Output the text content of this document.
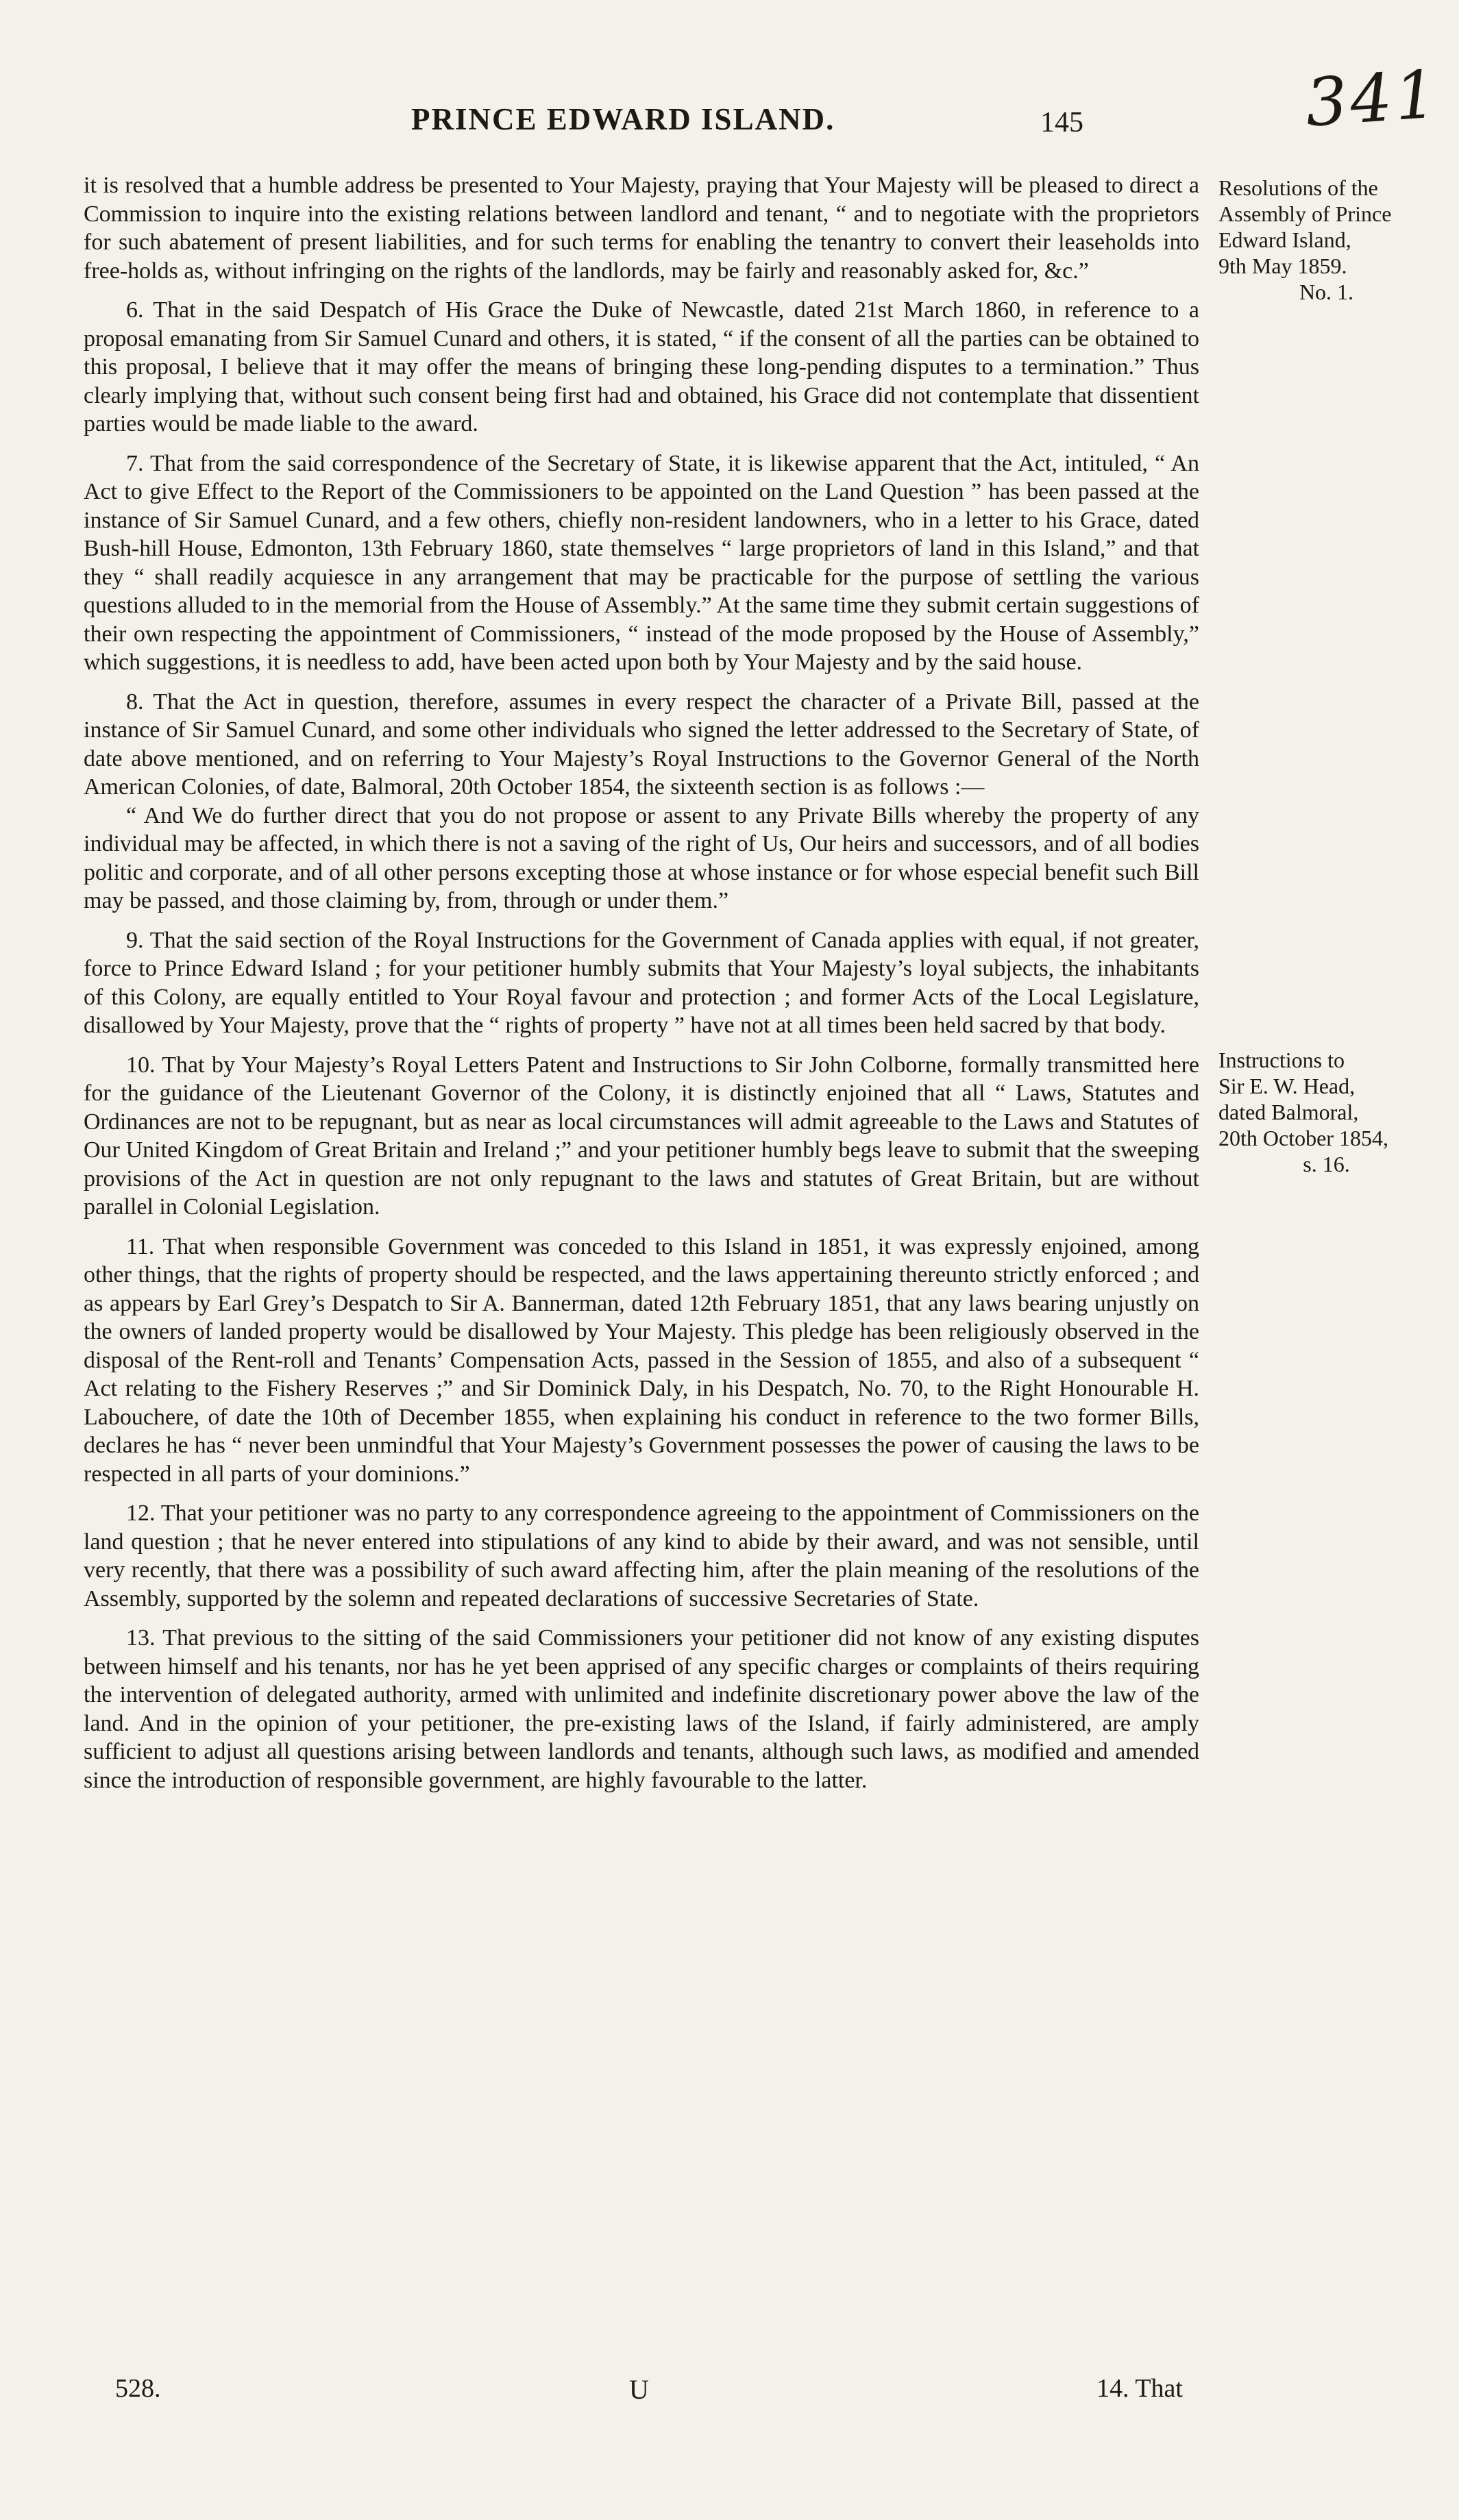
PRINCE EDWARD ISLAND.	145	341

it is resolved that a humble address be presented to Your Majesty, praying that Your Majesty will be pleased to direct a Commission to inquire into the existing relations between landlord and tenant, “ and to negotiate with the proprietors for such abatement of present liabilities, and for such terms for enabling the tenantry to convert their leaseholds into free-holds as, without infringing on the rights of the landlords, may be fairly and reasonably asked for, &c.”

6. That in the said Despatch of His Grace the Duke of Newcastle, dated 21st March 1860, in reference to a proposal emanating from Sir Samuel Cunard and others, it is stated, “ if the consent of all the parties can be obtained to this proposal, I believe that it may offer the means of bringing these long-pending disputes to a termination.” Thus clearly implying that, without such consent being first had and obtained, his Grace did not contemplate that dissentient parties would be made liable to the award.

7. That from the said correspondence of the Secretary of State, it is likewise apparent that the Act, intituled, “ An Act to give Effect to the Report of the Commissioners to be appointed on the Land Question ” has been passed at the instance of Sir Samuel Cunard, and a few others, chiefly non-resident landowners, who in a letter to his Grace, dated Bush-hill House, Edmonton, 13th February 1860, state themselves “ large proprietors of land in this Island,” and that they “ shall readily acquiesce in any arrangement that may be practicable for the purpose of settling the various questions alluded to in the memorial from the House of Assembly.” At the same time they submit certain suggestions of their own respecting the appointment of Commissioners, “ instead of the mode proposed by the House of Assembly,” which suggestions, it is needless to add, have been acted upon both by Your Majesty and by the said house.

8. That the Act in question, therefore, assumes in every respect the character of a Private Bill, passed at the instance of Sir Samuel Cunard, and some other individuals who signed the letter addressed to the Secretary of State, of date above mentioned, and on referring to Your Majesty’s Royal Instructions to the Governor General of the North American Colonies, of date, Balmoral, 20th October 1854, the sixteenth section is as follows :—

“ And We do further direct that you do not propose or assent to any Private Bills whereby the property of any individual may be affected, in which there is not a saving of the right of Us, Our heirs and successors, and of all bodies politic and corporate, and of all other persons excepting those at whose instance or for whose especial benefit such Bill may be passed, and those claiming by, from, through or under them.”

9. That the said section of the Royal Instructions for the Government of Canada applies with equal, if not greater, force to Prince Edward Island ; for your petitioner humbly submits that Your Majesty’s loyal subjects, the inhabitants of this Colony, are equally entitled to Your Royal favour and protection ; and former Acts of the Local Legislature, disallowed by Your Majesty, prove that the “ rights of property ” have not at all times been held sacred by that body.

10. That by Your Majesty’s Royal Letters Patent and Instructions to Sir John Colborne, formally transmitted here for the guidance of the Lieutenant Governor of the Colony, it is distinctly enjoined that all “ Laws, Statutes and Ordinances are not to be repugnant, but as near as local circumstances will admit agreeable to the Laws and Statutes of Our United Kingdom of Great Britain and Ireland ;” and your petitioner humbly begs leave to submit that the sweeping provisions of the Act in question are not only repugnant to the laws and statutes of Great Britain, but are without parallel in Colonial Legislation.

11. That when responsible Government was conceded to this Island in 1851, it was expressly enjoined, among other things, that the rights of property should be respected, and the laws appertaining thereunto strictly enforced ; and as appears by Earl Grey’s Despatch to Sir A. Bannerman, dated 12th February 1851, that any laws bearing unjustly on the owners of landed property would be disallowed by Your Majesty. This pledge has been religiously observed in the disposal of the Rent-roll and Tenants’ Compensation Acts, passed in the Session of 1855, and also of a subsequent “ Act relating to the Fishery Reserves ;” and Sir Dominick Daly, in his Despatch, No. 70, to the Right Honourable H. Labouchere, of date the 10th of December 1855, when explaining his conduct in reference to the two former Bills, declares he has “ never been unmindful that Your Majesty’s Government possesses the power of causing the laws to be respected in all parts of your dominions.”

12. That your petitioner was no party to any correspondence agreeing to the appointment of Commissioners on the land question ; that he never entered into stipulations of any kind to abide by their award, and was not sensible, until very recently, that there was a possibility of such award affecting him, after the plain meaning of the resolutions of the Assembly, supported by the solemn and repeated declarations of successive Secretaries of State.

13. That previous to the sitting of the said Commissioners your petitioner did not know of any existing disputes between himself and his tenants, nor has he yet been apprised of any specific charges or complaints of theirs requiring the intervention of delegated authority, armed with unlimited and indefinite discretionary power above the law of the land. And in the opinion of your petitioner, the pre-existing laws of the Island, if fairly administered, are amply sufficient to adjust all questions arising between landlords and tenants, although such laws, as modified and amended since the introduction of responsible government, are highly favourable to the latter.

Resolutions of the
Assembly of Prince
Edward Island,
9th May 1859.
No. 1.
Instructions to
Sir E. W. Head,
dated Balmoral,
20th October 1854,
s. 16.
528.	U	14. That
